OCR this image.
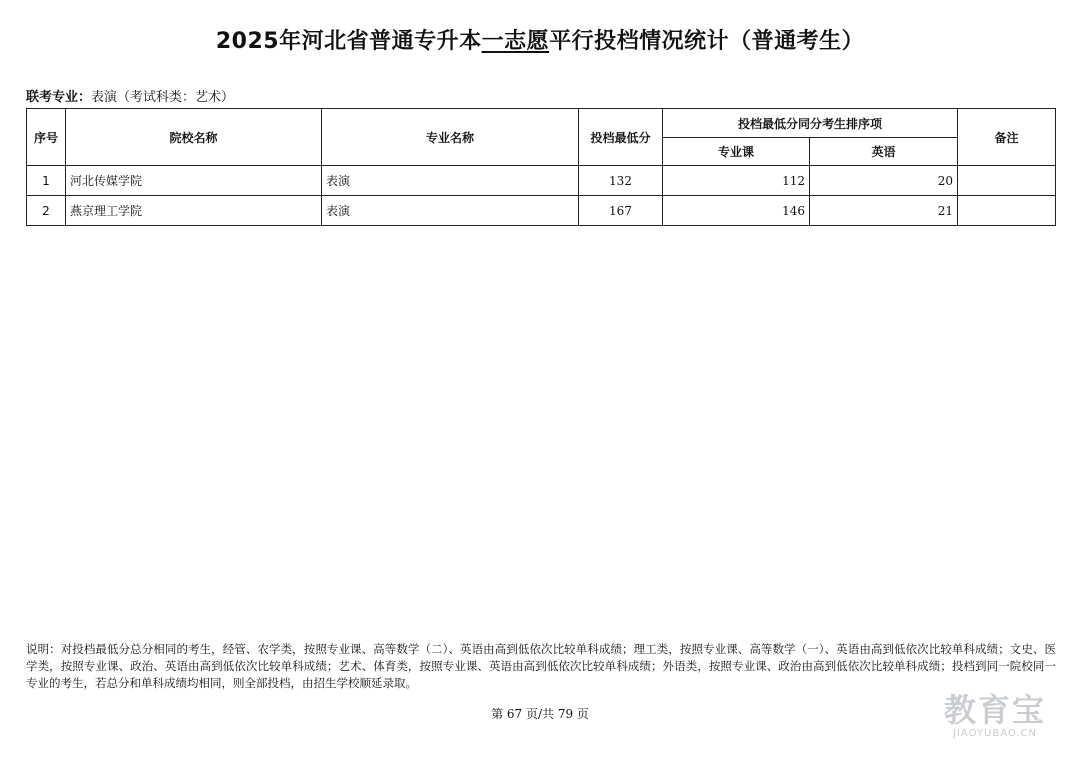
2025年河北省普通专升本一志愿平行投档情况统计（普通考生）
联考专业：表演（考试科类：艺术）
序号	院校名称	专业名称	投档最低分	投档最低分同分考生排序项		备注
				专业课	英语	
1	河北传媒学院	表演	132	112	20	
2	燕京理工学院	表演	167	146	21	
说明：对投档最低分总分相同的考生，经管、农学类，按照专业课、高等数学（二）、英语由高到低依次比较单科成绩；理工类，按照专业课、高等数学（一）、英语由高到低依次比较单科成绩；文史、医学类，按照专业课、政治、英语由高到低依次比较单科成绩；艺术、体育类，按照专业课、英语由高到低依次比较单科成绩；外语类，按照专业课、政治由高到低依次比较单科成绩；投档到同一院校同一专业的考生，若总分和单科成绩均相同，则全部投档，由招生学校顺延录取。
第 67 页/共 79 页	教育宝
JIAOYUBAO.CN
